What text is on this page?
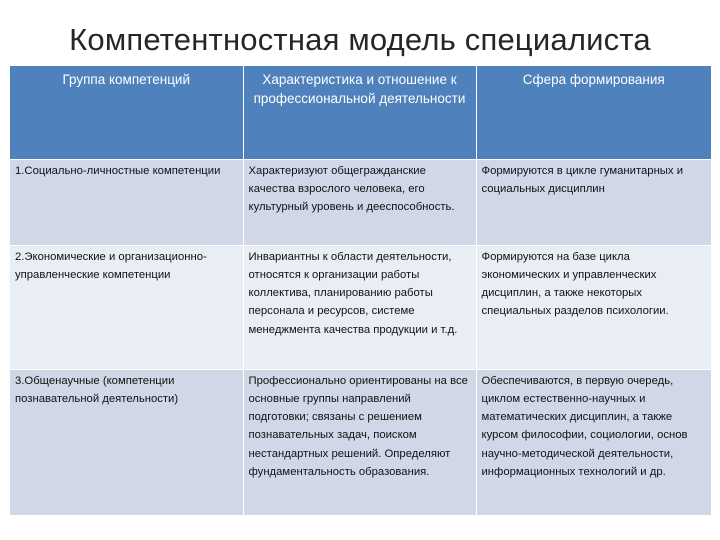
Компетентностная модель специалиста
Группа компетенций	Характеристика и отношение к профессиональной деятельности	Сфера формирования
1.Социально-личностные компетенции	Характеризуют общегражданские качества взрослого человека, его культурный уровень и дееспособность.	Формируются в цикле гуманитарных и социальных дисциплин
2.Экономические и организационно-управленческие компетенции	Инвариантны к области деятельности, относятся к организации работы коллектива, планированию работы персонала и ресурсов, системе менеджмента качества продукции и т.д.	Формируются на базе цикла экономических и управленческих дисциплин, а также некоторых специальных разделов психологии.
3.Общенаучные (компетенции познавательной деятельности)	Профессионально ориентированы на все основные группы направлений подготовки; связаны с решением познавательных задач, поиском нестандартных решений. Определяют фундаментальность образования.	Обеспечиваются, в первую очередь, циклом естественно-научных и математических дисциплин, а также курсом философии, социологии, основ научно-методической деятельности, информационных технологий и др.
